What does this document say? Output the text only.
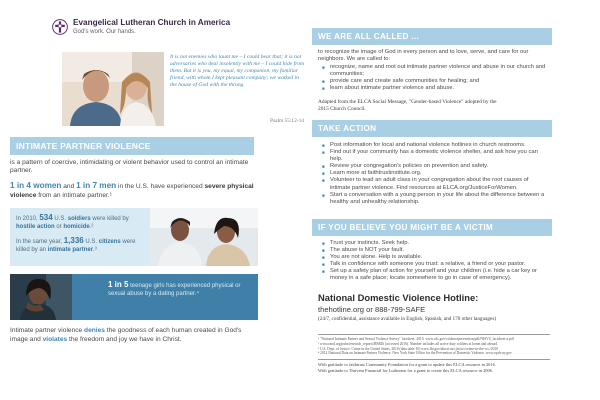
Evangelical Lutheran Church in America
God's work. Our hands.
It is not enemies who taunt me – I could bear that; it is not adversaries who deal insolently with me – I could hide from them. But it is you, my equal, my companion, my familiar friend, with whom I kept pleasant company; we walked in the house of God with the throng.
Psalm 55:12-14
INTIMATE PARTNER VIOLENCE
is a pattern of coercive, intimidating or violent behavior used to control an intimate partner.
1 in 4 women and 1 in 7 men in the U.S. have experienced severe physical violence from an intimate partner.¹
In 2010, 534 U.S. soldiers were killed by hostile action or homicide.²
In the same year, 1,336 U.S. citizens were killed by an intimate partner.³
1 in 5 teenage girls has experienced physical or sexual abuse by a dating partner.⁴
Intimate partner violence denies the goodness of each human created in God's image and violates the freedom and joy we have in Christ.
WE ARE ALL CALLED ...
to recognize the image of God in every person and to love, serve, and care for our neighbors. We are called to:
■ recognize, name and root out intimate partner violence and abuse in our church and communities;
■ provide care and create safe communities for healing; and
■ learn about intimate partner violence and abuse.
Adapted from the ELCA Social Message, "Gender-based Violence" adopted by the 2015 Church Council.
TAKE ACTION
■ Post information for local and national violence hotlines in church restrooms.
■ Find out if your community has a domestic violence shelter, and ask how you can help.
■ Review your congregation's policies on prevention and safety.
■ Learn more at faithtrustinstitute.org.
■ Volunteer to lead an adult class in your congregation about the root causes of intimate partner violence. Find resources at ELCA.org/JusticeForWomen.
■ Start a conversation with a young person in your life about the difference between a healthy and unhealthy relationship.
IF YOU BELIEVE YOU MIGHT BE A VICTIM
■ Trust your instincts. Seek help.
■ The abuse is NOT your fault.
■ You are not alone. Help is available.
■ Talk in confidence with someone you trust: a relative, a friend or your pastor.
■ Set up a safety plan of action for yourself and your children (i.e. hide a car key or money in a safe place; locate somewhere to go in case of emergency).
National Domestic Violence Hotline:
thehotline.org or 888-799-SAFE
(24/7, confidential, assistance available in English, Spanish, and 170 other languages)
¹ "National Intimate Partner and Sexual Violence Survey" factsheet, 2010. www.cdc.gov/violenceprevention/pdf/NISVS_factsheet-a.pdf
² www.rand.org/pubs/research_reports/RR826 (accessed 2016). Number includes all active duty soldiers at home and abroad.
³ U.S. Dept. of Justice. Crime in the United States, 2010 (data table 10) www.fbi.gov/about-us/cjis/ucr/crime-in-the-u.s./2010
⁴ 2012 National Data on Intimate Partner Violence. New York State Office for the Prevention of Domestic Violence. www.opdv.ny.gov
With gratitude to faithtrust Community Foundation for a grant to update this ELCA resource in 2016.
With gratitude to Thrivent Financial for Lutherans for a grant to create this ELCA resource in 2006.
